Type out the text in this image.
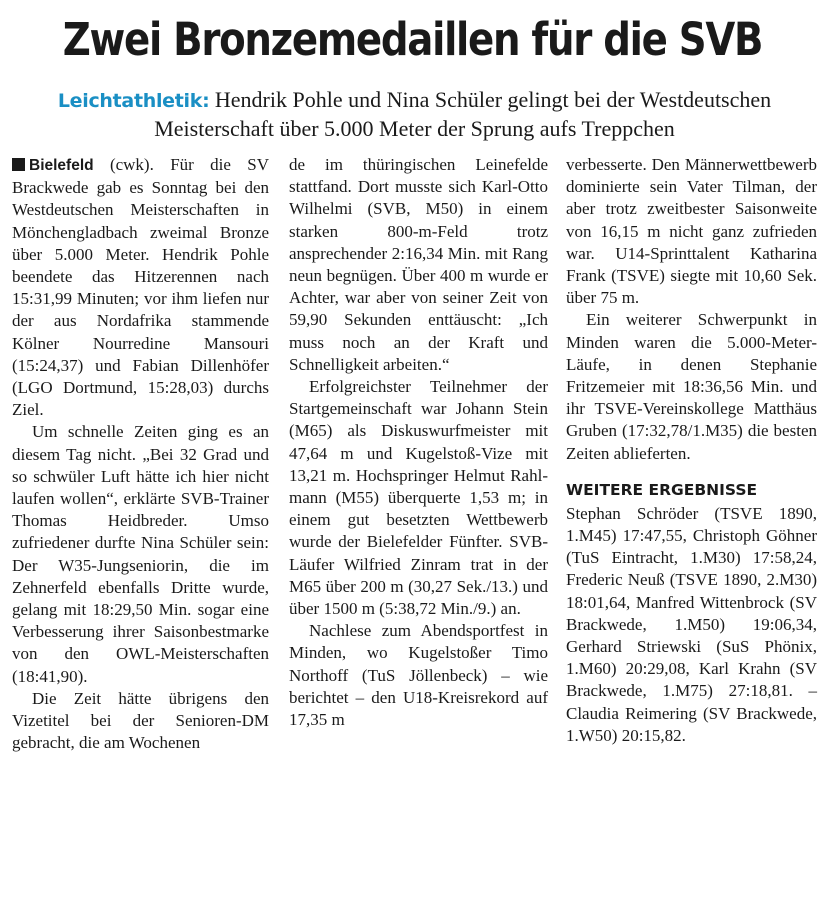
Zwei Bronzemedaillen für die SVB
Leichtathletik: Hendrik Pohle und Nina Schüler gelingt bei der Westdeutschen Meisterschaft über 5.000 Meter der Sprung aufs Treppchen

Bielefeld (cwk). Für die SV Brackwede gab es Sonntag bei den Westdeutschen Meisterschaften in Mönchengladbach zweimal Bronze über 5.000 Meter. Hendrik Pohle beendete das Hitzerennen nach 15:31,99 Minuten; vor ihm liefen nur der aus Nordafrika stammende Kölner Nourredine Mansouri (15:24,37) und Fabian Dillenhöfer (LGO Dortmund, 15:28,03) durchs Ziel.

Um schnelle Zeiten ging es an diesem Tag nicht. „Bei 32 Grad und so schwüler Luft hätte ich hier nicht laufen wollen“, erklärte SVB-Trainer Thomas Heidbreder. Umso zufriedener durfte Nina Schüler sein: Der W35-Jungseniorin, die im Zehnerfeld ebenfalls Dritte wurde, gelang mit 18:29,50 Min. sogar eine Verbesserung ihrer Saisonbestmarke von den OWL-Meisterschaften (18:41,90).

Die Zeit hätte übrigens den Vizetitel bei der Senioren-DM gebracht, die am Wochenen

de im thüringischen Leinefelde stattfand. Dort musste sich Karl-Otto Wilhelmi (SVB, M50) in einem starken 800-m-Feld trotz ansprechender 2:16,34 Min. mit Rang neun begnügen. Über 400 m wurde er Achter, war aber von seiner Zeit von 59,90 Sekunden enttäuscht: „Ich muss noch an der Kraft und Schnelligkeit arbeiten.“

Erfolgreichster Teilnehmer der Startgemeinschaft war Johann Stein (M65) als Diskuswurfmeister mit 47,64 m und Kugelstoß-Vize mit 13,21 m. Hochspringer Helmut Rahlmann (M55) überquerte 1,53 m; in einem gut besetzten Wettbewerb wurde der Bielefelder Fünfter. SVB-Läufer Wilfried Zinram trat in der M65 über 200 m (30,27 Sek./13.) und über 1500 m (5:38,72 Min./9.) an.

Nachlese zum Abendsportfest in Minden, wo Kugelstoßer Timo Northoff (TuS Jöllenbeck) – wie berichtet – den U18-Kreisrekord auf 17,35 m

verbesserte. Den Männerwettbewerb dominierte sein Vater Tilman, der aber trotz zweitbester Saisonweite von 16,15 m nicht ganz zufrieden war. U14-Sprinttalent Katharina Frank (TSVE) siegte mit 10,60 Sek. über 75 m.

Ein weiterer Schwerpunkt in Minden waren die 5.000-Meter-Läufe, in denen Stephanie Fritzemeier mit 18:36,56 Min. und ihr TSVE-Vereinskollege Matthäus Gruben (17:32,78/1.M35) die besten Zeiten ablieferten.

WEITERE ERGEBNISSE

Stephan Schröder (TSVE 1890, 1.M45) 17:47,55, Christoph Göhner (TuS Eintracht, 1.M30) 17:58,24, Frederic Neuß (TSVE 1890, 2.M30) 18:01,64, Manfred Wittenbrock (SV Brackwede, 1.M50) 19:06,34, Gerhard Striewski (SuS Phönix, 1.M60) 20:29,08, Karl Krahn (SV Brackwede, 1.M75) 27:18,81. – Claudia Reimering (SV Brackwede, 1.W50) 20:15,82.
